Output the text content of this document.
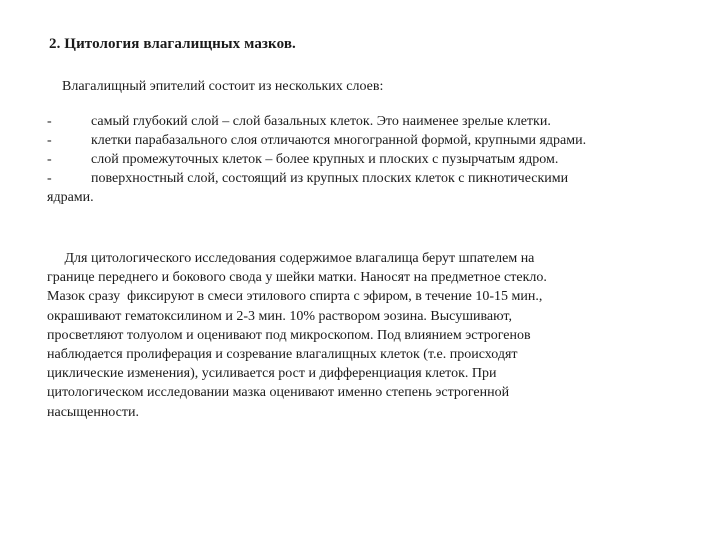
2. Цитология влагалищных мазков.
Влагалищный эпителий состоит из нескольких слоев:
-	самый глубокий слой – слой базальных клеток. Это наименее зрелые клетки.
-	клетки парабазального слоя отличаются многогранной формой, крупными ядрами.
-	слой промежуточных клеток – более крупных и плоских с пузырчатым ядром.
-	поверхностный слой, состоящий из крупных плоских клеток с пикнотическими
ядрами.
Для цитологического исследования содержимое влагалища берут шпателем на
границе переднего и бокового свода у шейки матки. Наносят на предметное стекло.
Мазок сразу  фиксируют в смеси этилового спирта с эфиром, в течение 10-15 мин.,
окрашивают гематоксилином и 2-3 мин. 10% раствором эозина. Высушивают,
просветляют толуолом и оценивают под микроскопом. Под влиянием эстрогенов
наблюдается пролиферация и созревание влагалищных клеток (т.е. происходят
циклические изменения), усиливается рост и дифференциация клеток. При
цитологическом исследовании мазка оценивают именно степень эстрогенной
насыщенности.
